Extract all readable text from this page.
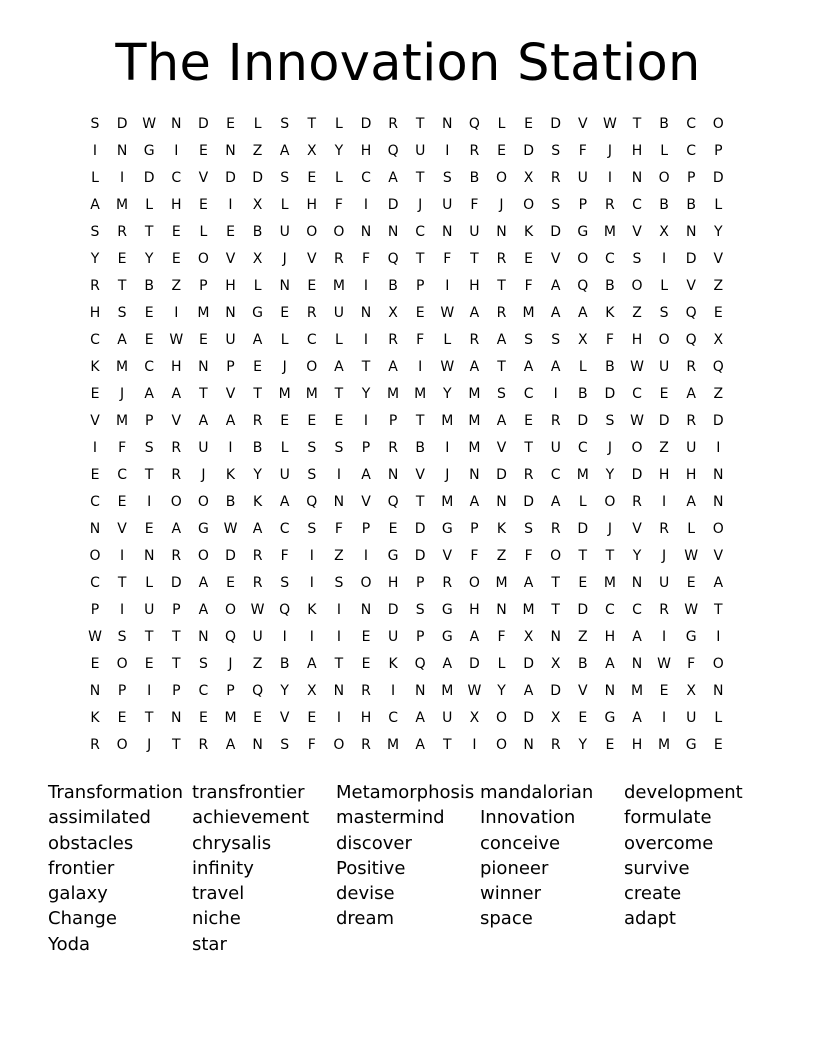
The Innovation Station
S	D	W	N	D	E	L	S	T	L	D	R	T	N	Q	L	E	D	V	W	T	B	C	O
I	N	G	I	E	N	Z	A	X	Y	H	Q	U	I	R	E	D	S	F	J	H	L	C	P
L	I	D	C	V	D	D	S	E	L	C	A	T	S	B	O	X	R	U	I	N	O	P	D
A	M	L	H	E	I	X	L	H	F	I	D	J	U	F	J	O	S	P	R	C	B	B	L
S	R	T	E	L	E	B	U	O	O	N	N	C	N	U	N	K	D	G	M	V	X	N	Y
Y	E	Y	E	O	V	X	J	V	R	F	Q	T	F	T	R	E	V	O	C	S	I	D	V
R	T	B	Z	P	H	L	N	E	M	I	B	P	I	H	T	F	A	Q	B	O	L	V	Z
H	S	E	I	M	N	G	E	R	U	N	X	E	W	A	R	M	A	A	K	Z	S	Q	E
C	A	E	W	E	U	A	L	C	L	I	R	F	L	R	A	S	S	X	F	H	O	Q	X
K	M	C	H	N	P	E	J	O	A	T	A	I	W	A	T	A	A	L	B	W	U	R	Q
E	J	A	A	T	V	T	M	M	T	Y	M	M	Y	M	S	C	I	B	D	C	E	A	Z
V	M	P	V	A	A	R	E	E	E	I	P	T	M	M	A	E	R	D	S	W	D	R	D
I	F	S	R	U	I	B	L	S	S	P	R	B	I	M	V	T	U	C	J	O	Z	U	I
E	C	T	R	J	K	Y	U	S	I	A	N	V	J	N	D	R	C	M	Y	D	H	H	N
C	E	I	O	O	B	K	A	Q	N	V	Q	T	M	A	N	D	A	L	O	R	I	A	N
N	V	E	A	G	W	A	C	S	F	P	E	D	G	P	K	S	R	D	J	V	R	L	O
O	I	N	R	O	D	R	F	I	Z	I	G	D	V	F	Z	F	O	T	T	Y	J	W	V
C	T	L	D	A	E	R	S	I	S	O	H	P	R	O	M	A	T	E	M	N	U	E	A
P	I	U	P	A	O	W	Q	K	I	N	D	S	G	H	N	M	T	D	C	C	R	W	T
W	S	T	T	N	Q	U	I	I	I	E	U	P	G	A	F	X	N	Z	H	A	I	G	I
E	O	E	T	S	J	Z	B	A	T	E	K	Q	A	D	L	D	X	B	A	N	W	F	O
N	P	I	P	C	P	Q	Y	X	N	R	I	N	M	W	Y	A	D	V	N	M	E	X	N
K	E	T	N	E	M	E	V	E	I	H	C	A	U	X	O	D	X	E	G	A	I	U	L
R	O	J	T	R	A	N	S	F	O	R	M	A	T	I	O	N	R	Y	E	H	M	G	E
Transformation
assimilated
obstacles
frontier
galaxy
Change
Yoda
transfrontier
achievement
chrysalis
infinity
travel
niche
star
Metamorphosis
mastermind
discover
Positive
devise
dream
mandalorian
Innovation
conceive
pioneer
winner
space
development
formulate
overcome
survive
create
adapt
